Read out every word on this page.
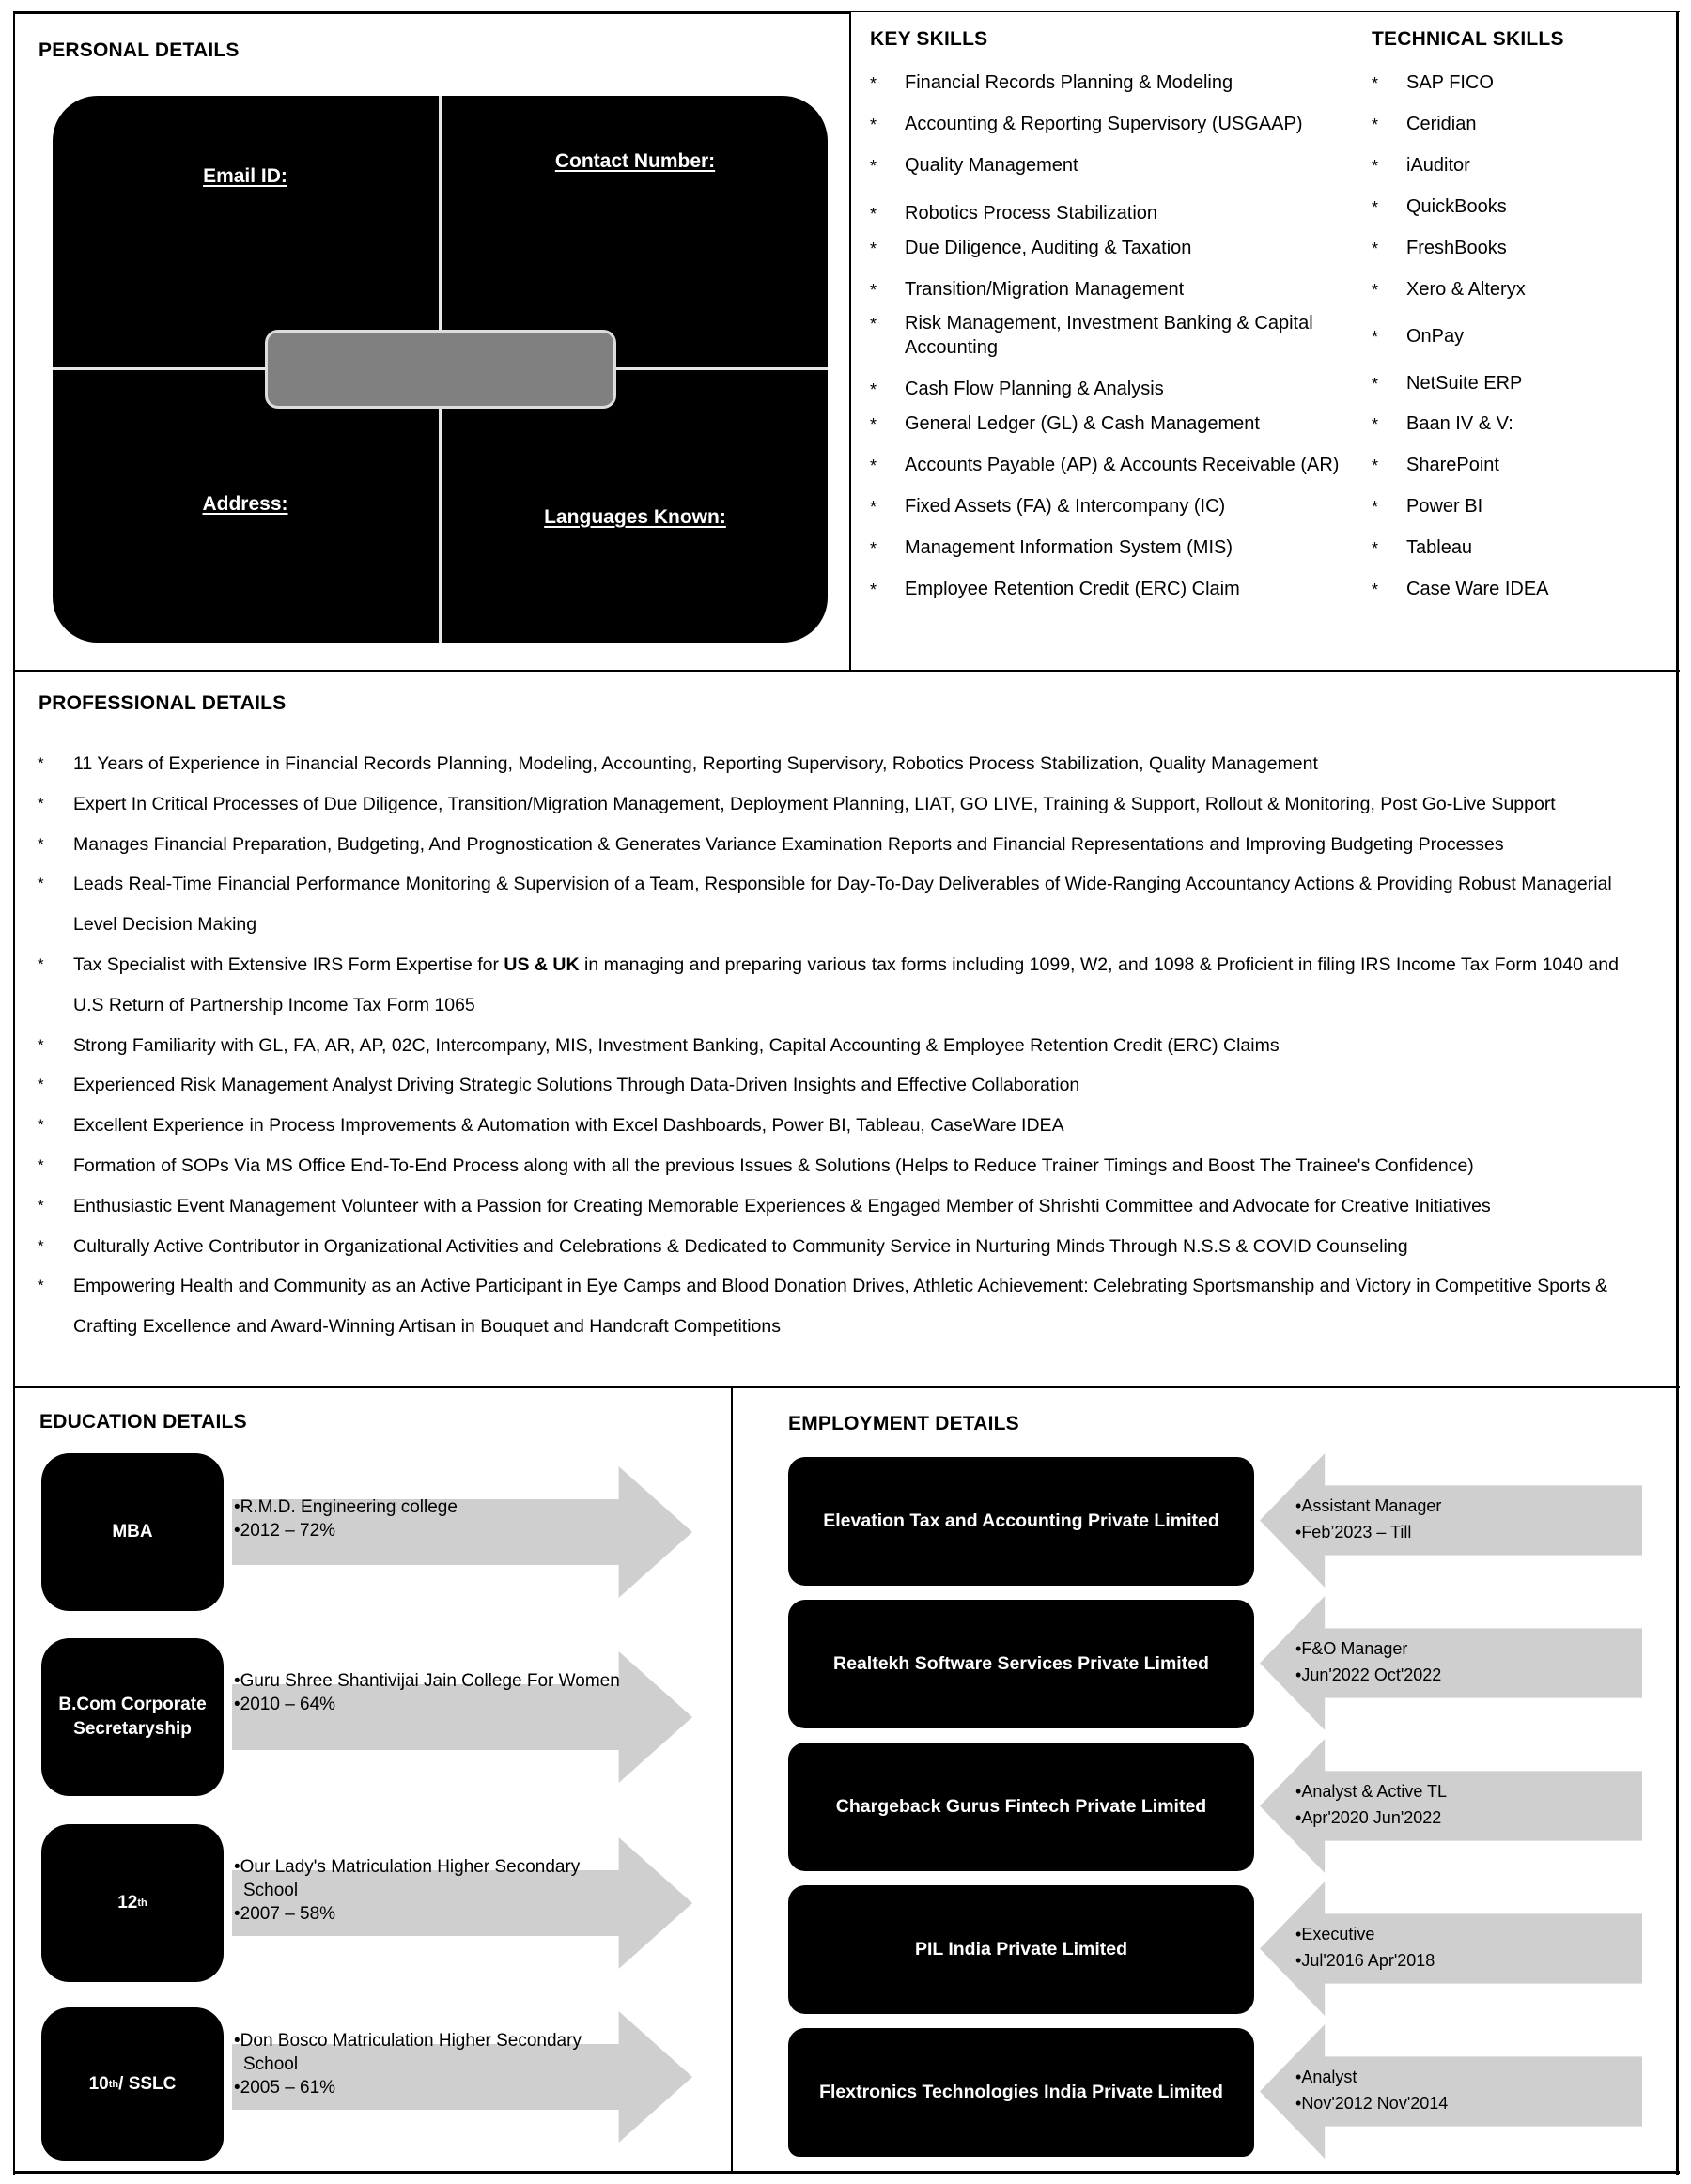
PERSONAL DETAILS
Email ID:
Contact Number:
Address:
Languages Known:
KEY SKILLS
* Financial Records Planning & Modeling
* Accounting & Reporting Supervisory (USGAAP)
* Quality Management
* Robotics Process Stabilization
* Due Diligence, Auditing & Taxation
* Transition/Migration Management
* Risk Management, Investment Banking & Capital
Accounting
* Cash Flow Planning & Analysis
* General Ledger (GL) & Cash Management
* Accounts Payable (AP) & Accounts Receivable (AR)
* Fixed Assets (FA) & Intercompany (IC)
* Management Information System (MIS)
* Employee Retention Credit (ERC) Claim
TECHNICAL SKILLS
* SAP FICO
* Ceridian
* iAuditor
* QuickBooks
* FreshBooks
* Xero & Alteryx
* OnPay
* NetSuite ERP
* Baan IV & V:
* SharePoint
* Power BI
* Tableau
* Case Ware IDEA
PROFESSIONAL DETAILS
* 11 Years of Experience in Financial Records Planning, Modeling, Accounting, Reporting Supervisory, Robotics Process Stabilization, Quality Management
* Expert In Critical Processes of Due Diligence, Transition/Migration Management, Deployment Planning, LIAT, GO LIVE, Training & Support, Rollout & Monitoring, Post Go-Live Support
* Manages Financial Preparation, Budgeting, And Prognostication & Generates Variance Examination Reports and Financial Representations and Improving Budgeting Processes
* Leads Real-Time Financial Performance Monitoring & Supervision of a Team, Responsible for Day-To-Day Deliverables of Wide-Ranging Accountancy Actions & Providing Robust Managerial Level Decision Making
* Tax Specialist with Extensive IRS Form Expertise for US & UK in managing and preparing various tax forms including 1099, W2, and 1098 & Proficient in filing IRS Income Tax Form 1040 and U.S Return of Partnership Income Tax Form 1065
* Strong Familiarity with GL, FA, AR, AP, 02C, Intercompany, MIS, Investment Banking, Capital Accounting & Employee Retention Credit (ERC) Claims
* Experienced Risk Management Analyst Driving Strategic Solutions Through Data-Driven Insights and Effective Collaboration
* Excellent Experience in Process Improvements & Automation with Excel Dashboards, Power BI, Tableau, CaseWare IDEA
* Formation of SOPs Via MS Office End-To-End Process along with all the previous Issues & Solutions (Helps to Reduce Trainer Timings and Boost The Trainee's Confidence)
* Enthusiastic Event Management Volunteer with a Passion for Creating Memorable Experiences & Engaged Member of Shrishti Committee and Advocate for Creative Initiatives
* Culturally Active Contributor in Organizational Activities and Celebrations & Dedicated to Community Service in Nurturing Minds Through N.S.S & COVID Counseling
* Empowering Health and Community as an Active Participant in Eye Camps and Blood Donation Drives, Athletic Achievement: Celebrating Sportsmanship and Victory in Competitive Sports & Crafting Excellence and Award-Winning Artisan in Bouquet and Handcraft Competitions
EDUCATION DETAILS
MBA
•R.M.D. Engineering college
•2012 – 72%
B.Com Corporate Secretaryship
•Guru Shree Shantivijai Jain College For Women
•2010 – 64%
12 th
•Our Lady's Matriculation Higher Secondary School
•2007 – 58%
10 th / SSLC
•Don Bosco Matriculation Higher Secondary School
•2005 – 61%
EMPLOYMENT DETAILS
Elevation Tax and Accounting Private Limited
•Assistant Manager
•Feb’2023 – Till
Realtekh Software Services Private Limited
•F&O Manager
•Jun'2022 Oct'2022
Chargeback Gurus Fintech Private Limited
•Analyst & Active TL
•Apr'2020 Jun'2022
PIL India Private Limited
•Executive
•Jul'2016 Apr'2018
Flextronics Technologies India Private Limited
•Analyst
•Nov'2012 Nov'2014
